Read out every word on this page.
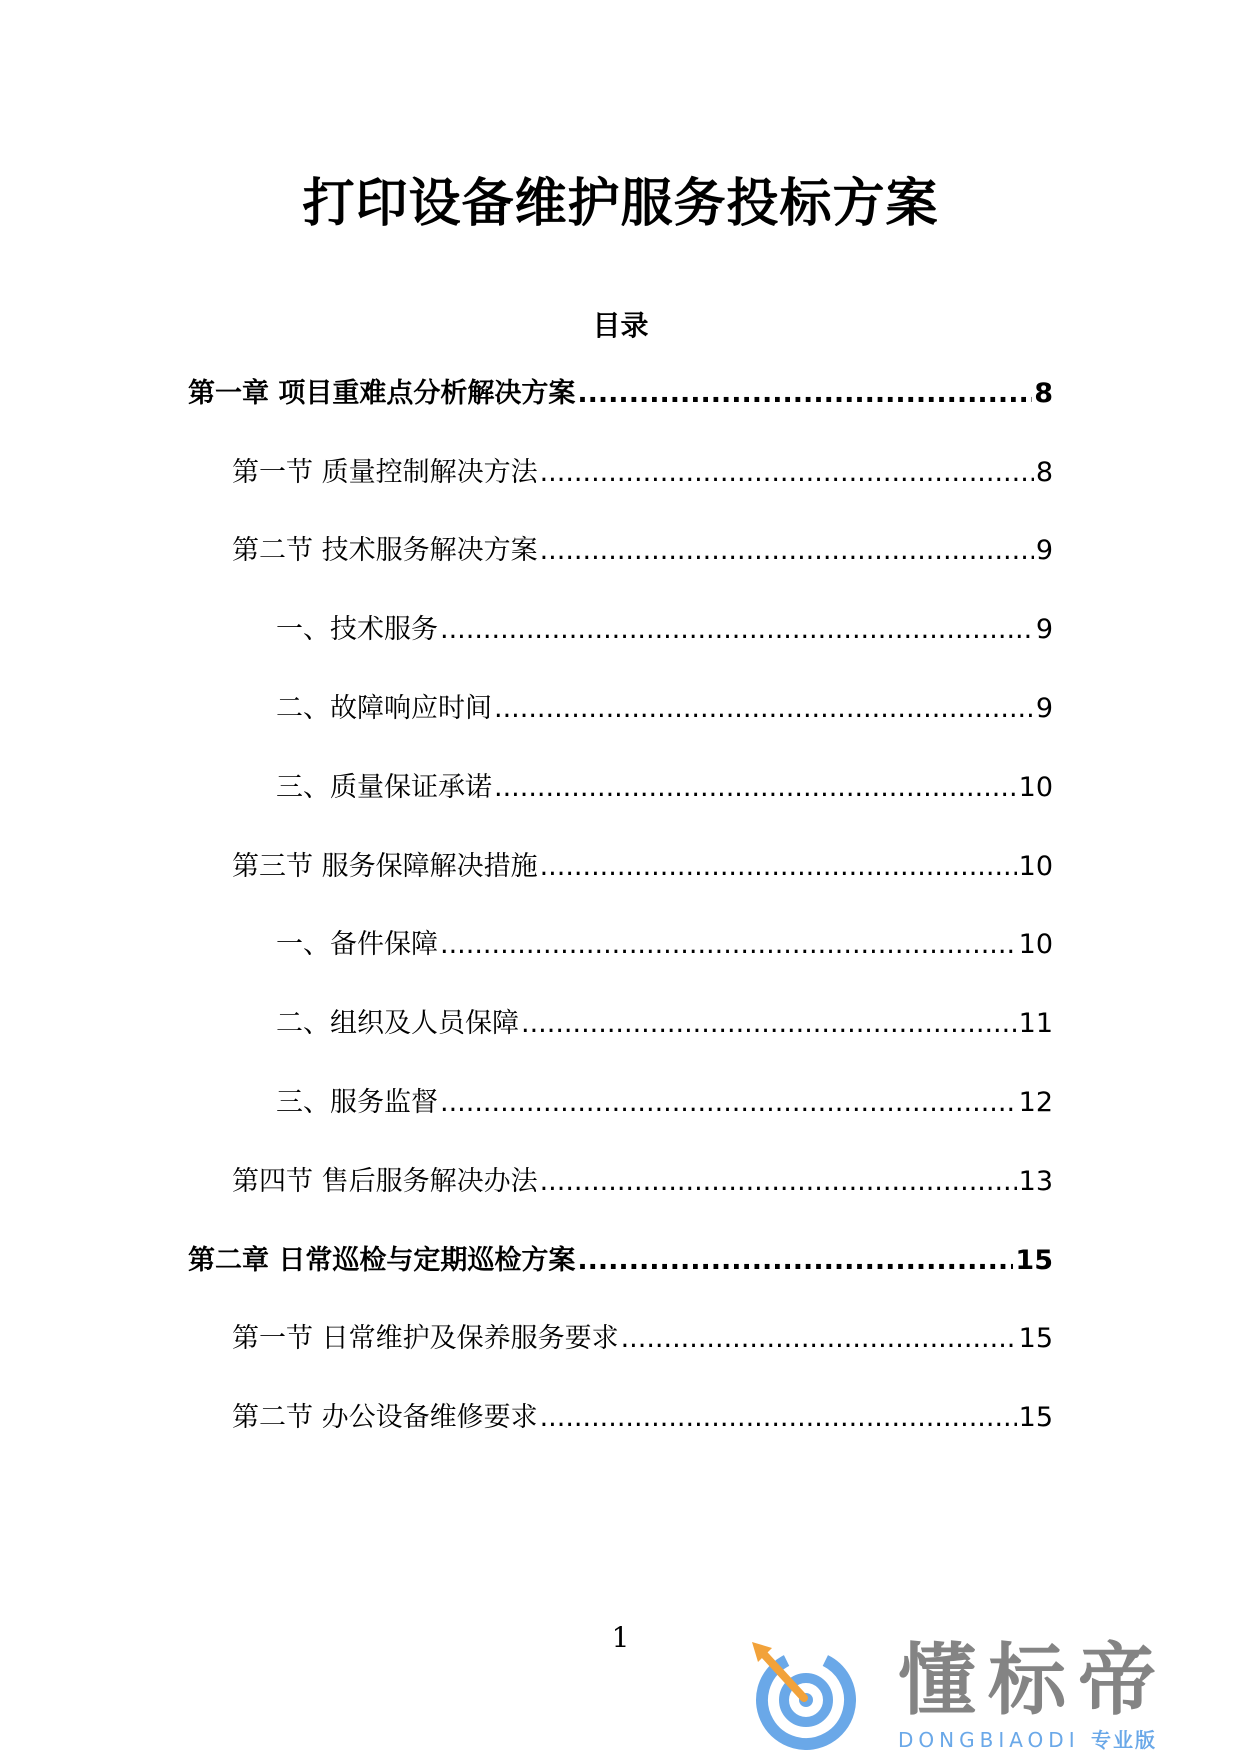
打印设备维护服务投标方案
目录
第一章 项目重难点分析解决方案 .....	8
第一节 质量控制解决方法 .....	8
第二节 技术服务解决方案 .....	9
一、技术服务 .....	9
二、故障响应时间 .....	9
三、质量保证承诺 .....	10
第三节 服务保障解决措施 .....	10
一、备件保障 .....	10
二、组织及人员保障 .....	11
三、服务监督 .....	12
第四节 售后服务解决办法 .....	13
第二章 日常巡检与定期巡检方案 .....	15
第一节 日常维护及保养服务要求 .....	15
第二节 办公设备维修要求 .....	15
1	懂标帝
DONGBIAODI 专业版
